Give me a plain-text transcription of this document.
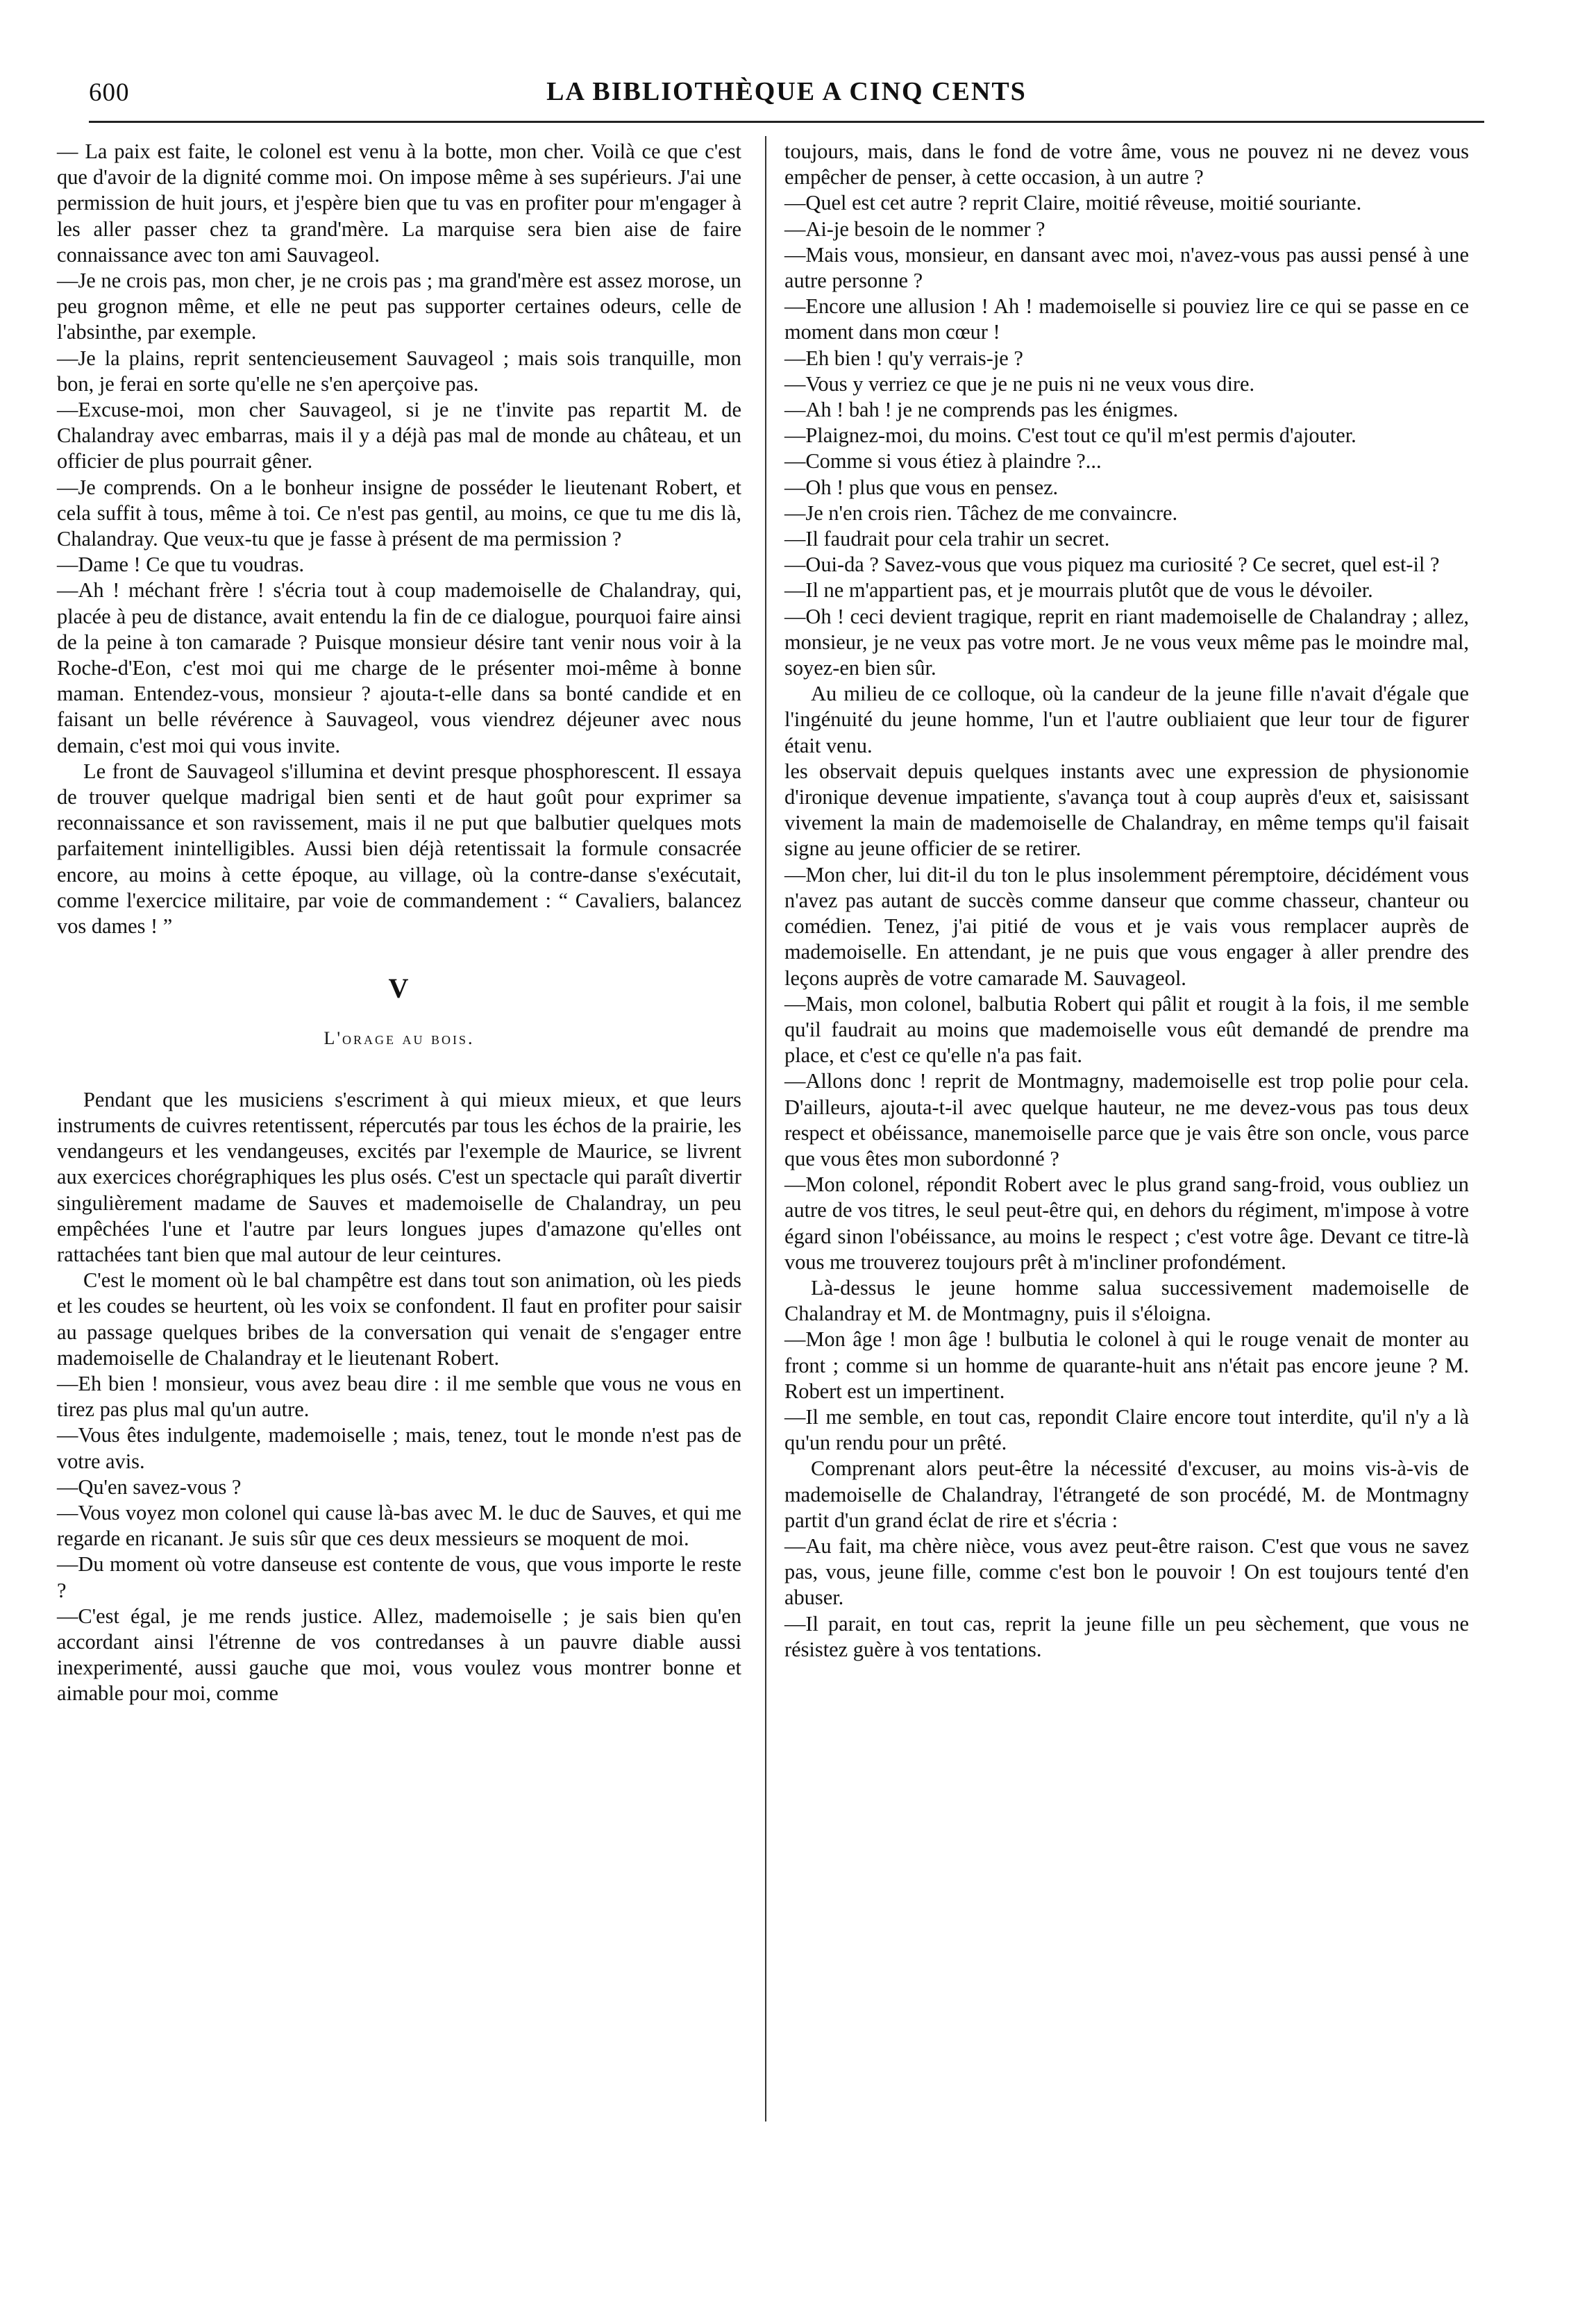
600	LA BIBLIOTHÈQUE A CINQ CENTS

— La paix est faite, le colonel est venu à la botte, mon cher. Voilà ce que c'est que d'avoir de la dignité comme moi. On impose même à ses supérieurs. J'ai une permission de huit jours, et j'espère bien que tu vas en profiter pour m'engager à les aller passer chez ta grand'mère. La marquise sera bien aise de faire connaissance avec ton ami Sauvageol.

—Je ne crois pas, mon cher, je ne crois pas ; ma grand'mère est assez morose, un peu grognon même, et elle ne peut pas supporter certaines odeurs, celle de l'absinthe, par exemple.

—Je la plains, reprit sentencieusement Sauvageol ; mais sois tranquille, mon bon, je ferai en sorte qu'elle ne s'en aperçoive pas.

—Excuse-moi, mon cher Sauvageol, si je ne t'invite pas repartit M. de Chalandray avec embarras, mais il y a déjà pas mal de monde au château, et un officier de plus pourrait gêner.

—Je comprends. On a le bonheur insigne de posséder le lieutenant Robert, et cela suffit à tous, même à toi. Ce n'est pas gentil, au moins, ce que tu me dis là, Chalandray. Que veux-tu que je fasse à présent de ma permission ?

—Dame ! Ce que tu voudras.

—Ah ! méchant frère ! s'écria tout à coup mademoiselle de Chalandray, qui, placée à peu de distance, avait entendu la fin de ce dialogue, pourquoi faire ainsi de la peine à ton camarade ? Puisque monsieur désire tant venir nous voir à la Roche-d'Eon, c'est moi qui me charge de le présenter moi-même à bonne maman. Entendez-vous, monsieur ? ajouta-t-elle dans sa bonté candide et en faisant un belle révérence à Sauvageol, vous viendrez déjeuner avec nous demain, c'est moi qui vous invite.

Le front de Sauvageol s'illumina et devint presque phosphorescent. Il essaya de trouver quelque madrigal bien senti et de haut goût pour exprimer sa reconnaissance et son ravissement, mais il ne put que balbutier quelques mots parfaitement inintelligibles. Aussi bien déjà retentissait la formule consacrée encore, au moins à cette époque, au village, où la contre-danse s'exécutait, comme l'exercice militaire, par voie de commandement : “ Cavaliers, balancez vos dames ! ”

V
L'orage au bois.

Pendant que les musiciens s'escriment à qui mieux mieux, et que leurs instruments de cuivres retentissent, répercutés par tous les échos de la prairie, les vendangeurs et les vendangeuses, excités par l'exemple de Maurice, se livrent aux exercices chorégraphiques les plus osés. C'est un spectacle qui paraît divertir singulièrement madame de Sauves et mademoiselle de Chalandray, un peu empêchées l'une et l'autre par leurs longues jupes d'amazone qu'elles ont rattachées tant bien que mal autour de leur ceintures.

C'est le moment où le bal champêtre est dans tout son animation, où les pieds et les coudes se heurtent, où les voix se confondent. Il faut en profiter pour saisir au passage quelques bribes de la conversation qui venait de s'engager entre mademoiselle de Chalandray et le lieutenant Robert.

—Eh bien ! monsieur, vous avez beau dire : il me semble que vous ne vous en tirez pas plus mal qu'un autre.

—Vous êtes indulgente, mademoiselle ; mais, tenez, tout le monde n'est pas de votre avis.

—Qu'en savez-vous ?

—Vous voyez mon colonel qui cause là-bas avec M. le duc de Sauves, et qui me regarde en ricanant. Je suis sûr que ces deux messieurs se moquent de moi.

—Du moment où votre danseuse est contente de vous, que vous importe le reste ?

—C'est égal, je me rends justice. Allez, mademoiselle ; je sais bien qu'en accordant ainsi l'étrenne de vos contredanses à un pauvre diable aussi inexperimenté, aussi gauche que moi, vous voulez vous montrer bonne et aimable pour moi, comme

toujours, mais, dans le fond de votre âme, vous ne pouvez ni ne devez vous empêcher de penser, à cette occasion, à un autre ?

—Quel est cet autre ? reprit Claire, moitié rêveuse, moitié souriante.

—Ai-je besoin de le nommer ?

—Mais vous, monsieur, en dansant avec moi, n'avez-vous pas aussi pensé à une autre personne ?

—Encore une allusion ! Ah ! mademoiselle si pouviez lire ce qui se passe en ce moment dans mon cœur !

—Eh bien ! qu'y verrais-je ?

—Vous y verriez ce que je ne puis ni ne veux vous dire.

—Ah ! bah ! je ne comprends pas les énigmes.

—Plaignez-moi, du moins. C'est tout ce qu'il m'est permis d'ajouter.

—Comme si vous étiez à plaindre ?...

—Oh ! plus que vous en pensez.

—Je n'en crois rien. Tâchez de me convaincre.

—Il faudrait pour cela trahir un secret.

—Oui-da ? Savez-vous que vous piquez ma curiosité ? Ce secret, quel est-il ?

—Il ne m'appartient pas, et je mourrais plutôt que de vous le dévoiler.

—Oh ! ceci devient tragique, reprit en riant mademoiselle de Chalandray ; allez, monsieur, je ne veux pas votre mort. Je ne vous veux même pas le moindre mal, soyez-en bien sûr.

Au milieu de ce colloque, où la candeur de la jeune fille n'avait d'égale que l'ingénuité du jeune homme, l'un et l'autre oubliaient que leur tour de figurer était venu.

les observait depuis quelques instants avec une expression de physionomie d'ironique devenue impatiente, s'avança tout à coup auprès d'eux et, saisissant vivement la main de mademoiselle de Chalandray, en même temps qu'il faisait signe au jeune officier de se retirer.

—Mon cher, lui dit-il du ton le plus insolemment péremptoire, décidément vous n'avez pas autant de succès comme danseur que comme chasseur, chanteur ou comédien. Tenez, j'ai pitié de vous et je vais vous remplacer auprès de mademoiselle. En attendant, je ne puis que vous engager à aller prendre des leçons auprès de votre camarade M. Sauvageol.

—Mais, mon colonel, balbutia Robert qui pâlit et rougit à la fois, il me semble qu'il faudrait au moins que mademoiselle vous eût demandé de prendre ma place, et c'est ce qu'elle n'a pas fait.

—Allons donc ! reprit de Montmagny, mademoiselle est trop polie pour cela. D'ailleurs, ajouta-t-il avec quelque hauteur, ne me devez-vous pas tous deux respect et obéissance, manemoiselle parce que je vais être son oncle, vous parce que vous êtes mon subordonné ?

—Mon colonel, répondit Robert avec le plus grand sang-froid, vous oubliez un autre de vos titres, le seul peut-être qui, en dehors du régiment, m'impose à votre égard sinon l'obéissance, au moins le respect ; c'est votre âge. Devant ce titre-là vous me trouverez toujours prêt à m'incliner profondément.

Là-dessus le jeune homme salua successivement mademoiselle de Chalandray et M. de Montmagny, puis il s'éloigna.

—Mon âge ! mon âge ! bulbutia le colonel à qui le rouge venait de monter au front ; comme si un homme de quarante-huit ans n'était pas encore jeune ? M. Robert est un impertinent.

—Il me semble, en tout cas, repondit Claire encore tout interdite, qu'il n'y a là qu'un rendu pour un prêté.

Comprenant alors peut-être la nécessité d'excuser, au moins vis-à-vis de mademoiselle de Chalandray, l'étrangeté de son procédé, M. de Montmagny partit d'un grand éclat de rire et s'écria :

—Au fait, ma chère nièce, vous avez peut-être raison. C'est que vous ne savez pas, vous, jeune fille, comme c'est bon le pouvoir ! On est toujours tenté d'en abuser.

—Il parait, en tout cas, reprit la jeune fille un peu sèchement, que vous ne résistez guère à vos tentations.
